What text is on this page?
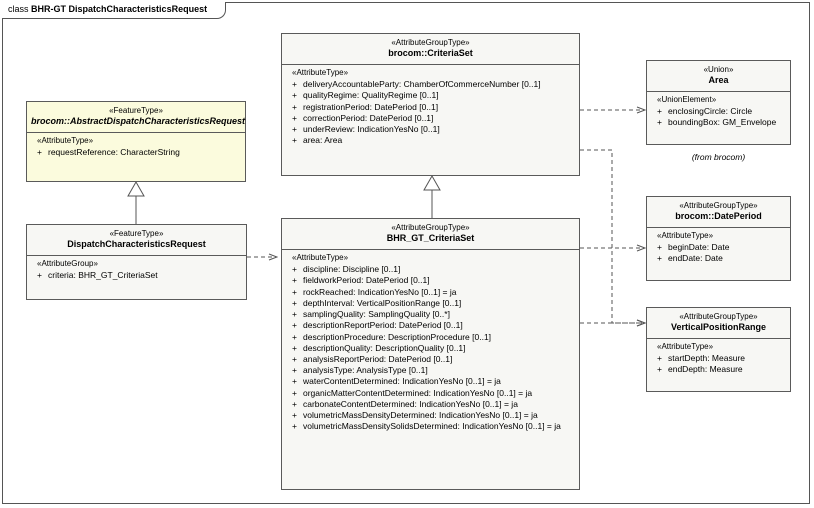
class BHR-GT DispatchCharacteristicsRequest
«AttributeGroupType»
brocom::CriteriaSet
«AttributeType»
+ deliveryAccountableParty: ChamberOfCommerceNumber [0..1]
+ qualityRegime: QualityRegime [0..1]
+ registrationPeriod: DatePeriod [0..1]
+ correctionPeriod: DatePeriod [0..1]
+ underReview: IndicationYesNo [0..1]
+ area: Area
«FeatureType»
brocom::AbstractDispatchCharacteristicsRequest
«AttributeType»
+ requestReference: CharacterString
«FeatureType»
DispatchCharacteristicsRequest
«AttributeGroup»
+ criteria: BHR_GT_CriteriaSet
«AttributeGroupType»
BHR_GT_CriteriaSet
«AttributeType»
+ discipline: Discipline [0..1]
+ fieldworkPeriod: DatePeriod [0..1]
+ rockReached: IndicationYesNo [0..1] = ja
+ depthInterval: VerticalPositionRange [0..1]
+ samplingQuality: SamplingQuality [0..*]
+ descriptionReportPeriod: DatePeriod [0..1]
+ descriptionProcedure: DescriptionProcedure [0..1]
+ descriptionQuality: DescriptionQuality [0..1]
+ analysisReportPeriod: DatePeriod [0..1]
+ analysisType: AnalysisType [0..1]
+ waterContentDetermined: IndicationYesNo [0..1] = ja
+ organicMatterContentDetermined: IndicationYesNo [0..1] = ja
+ carbonateContentDetermined: IndicationYesNo [0..1] = ja
+ volumetricMassDensityDetermined: IndicationYesNo [0..1] = ja
+ volumetricMassDensitySolidsDetermined: IndicationYesNo [0..1] = ja
«Union»
Area
«UnionElement»
+ enclosingCircle: Circle
+ boundingBox: GM_Envelope
(from brocom)
«AttributeGroupType»
brocom::DatePeriod
«AttributeType»
+ beginDate: Date
+ endDate: Date
«AttributeGroupType»
VerticalPositionRange
«AttributeType»
+ startDepth: Measure
+ endDepth: Measure
